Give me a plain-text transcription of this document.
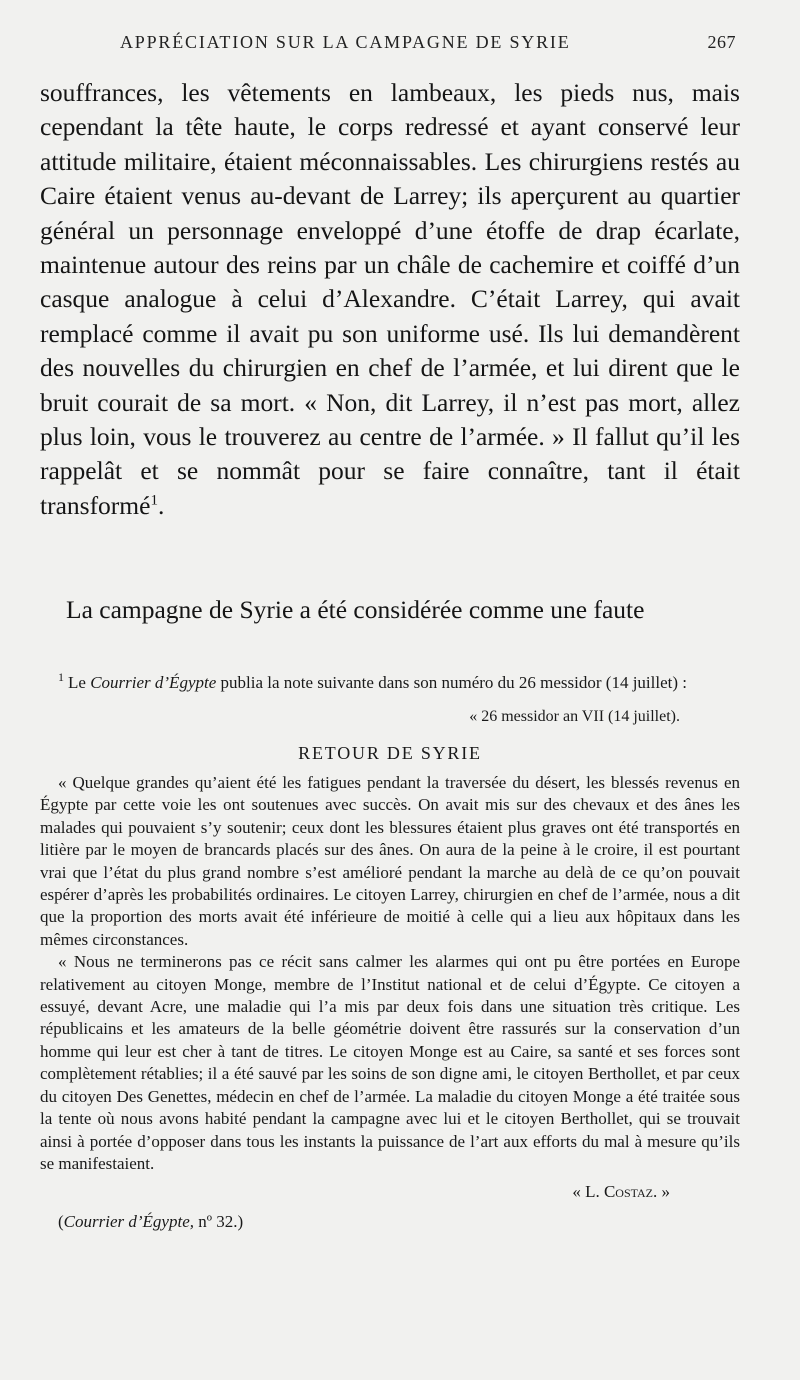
APPRÉCIATION SUR LA CAMPAGNE DE SYRIE	267

souffrances, les vêtements en lambeaux, les pieds nus, mais cependant la tête haute, le corps redressé et ayant conservé leur attitude militaire, étaient méconnaissables. Les chirurgiens restés au Caire étaient venus au-devant de Larrey; ils aperçurent au quartier général un personnage enveloppé d’une étoffe de drap écarlate, maintenue autour des reins par un châle de cachemire et coiffé d’un casque analogue à celui d’Alexandre. C’était Larrey, qui avait remplacé comme il avait pu son uniforme usé. Ils lui demandèrent des nouvelles du chirurgien en chef de l’armée, et lui dirent que le bruit courait de sa mort. « Non, dit Larrey, il n’est pas mort, allez plus loin, vous le trouverez au centre de l’armée. » Il fallut qu’il les rappelât et se nommât pour se faire connaître, tant il était transformé$^1$.

La campagne de Syrie a été considérée comme une faute

$^1$ Le Courrier d’Égypte publia la note suivante dans son numéro du 26 messidor (14 juillet) :

« 26 messidor an VII (14 juillet).

RETOUR DE SYRIE

« Quelque grandes qu’aient été les fatigues pendant la traversée du désert, les blessés revenus en Égypte par cette voie les ont soutenues avec succès. On avait mis sur des chevaux et des ânes les malades qui pouvaient s’y soutenir; ceux dont les blessures étaient plus graves ont été transportés en litière par le moyen de brancards placés sur des ânes. On aura de la peine à le croire, il est pourtant vrai que l’état du plus grand nombre s’est amélioré pendant la marche au delà de ce qu’on pouvait espérer d’après les probabilités ordinaires. Le citoyen Larrey, chirurgien en chef de l’armée, nous a dit que la proportion des morts avait été inférieure de moitié à celle qui a lieu aux hôpitaux dans les mêmes circonstances.

« Nous ne terminerons pas ce récit sans calmer les alarmes qui ont pu être portées en Europe relativement au citoyen Monge, membre de l’Institut national et de celui d’Égypte. Ce citoyen a essuyé, devant Acre, une maladie qui l’a mis par deux fois dans une situation très critique. Les républicains et les amateurs de la belle géométrie doivent être rassurés sur la conservation d’un homme qui leur est cher à tant de titres. Le citoyen Monge est au Caire, sa santé et ses forces sont complètement rétablies; il a été sauvé par les soins de son digne ami, le citoyen Berthollet, et par ceux du citoyen Des Genettes, médecin en chef de l’armée. La maladie du citoyen Monge a été traitée sous la tente où nous avons habité pendant la campagne avec lui et le citoyen Berthollet, qui se trouvait ainsi à portée d’opposer dans tous les instants la puissance de l’art aux efforts du mal à mesure qu’ils se manifestaient.

« L. Costaz. »

(Courrier d’Égypte, nº 32.)
